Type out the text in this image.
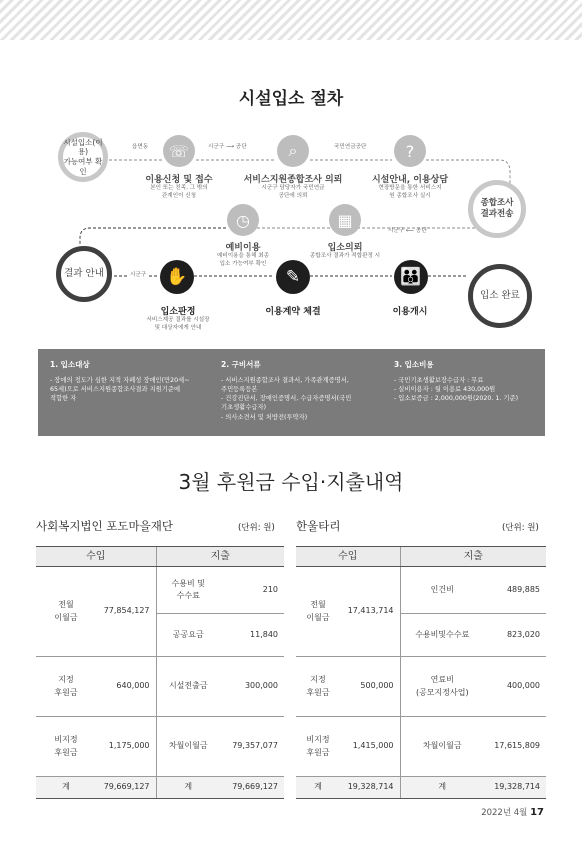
시설입소 절차
시설입소(이용)
가능여부 확인
종합조사
결과전송
결과 안내
입소 완료
읍면동	시군구 ⟶ 공단	국민연금공단
시군구 ⟵ 공단
시군구
☏
이용신청 및 접수
본인 또는 친족, 그 밖의
관계인이 신청
⌕
서비스지원종합조사 의뢰
시군구 담당자가 국민연금
공단에 의뢰
?
시설안내, 이용상담
현장방문을 통한 서비스지
원 종합조사 실시
◷
예비이용
예비이용을 통해 최종
입소 가능여부 확인
▦
입소의뢰
종합조사 결과가 적합판정 시
✋
입소판정
서비스제공 결과를 시설장
및 대상자에게 안내
✎
이용계약 체결
👪
이용개시
1. 입소대상

- 장애의 정도가 심한 지적 자폐성 장애인(만20세~
65세)으로 서비스지원종합조사결과 지원기준에
적합한 자

2. 구비서류

- 서비스지원종합조사 결과서, 가족관계증명서,
주민등록등본
- 건강진단서, 장애인증명서, 수급자증명서(국민
기초생활수급자)
- 의사소견서 및 처방전(투약자)

3. 입소비용

- 국민기초생활보장수급자 : 무료
- 실비이용자 : 월 이용료 430,000원
- 입소보증금 : 2,000,000원(2020. 1. 기준)

3월 후원금 수입·지출내역
사회복지법인 포도마을재단	(단위: 원) 한울타리	(단위: 원)
수입		지출	
전월
이월금	77,854,127	수용비 및
수수료	210
		공공요금	11,840
지정
후원금	640,000	시설전출금	300,000
비지정
후원금	1,175,000	차월이월금	79,357,077
계	79,669,127	계	79,669,127
수입		지출	
전월
이월금	17,413,714	인건비	489,885
		수용비및수수료	823,020
지정
후원금	500,000	연료비
(공모지정사업)	400,000
비지정
후원금	1,415,000	차월이월금	17,615,809
계	19,328,714	계	19,328,714
2022년 4월 17
